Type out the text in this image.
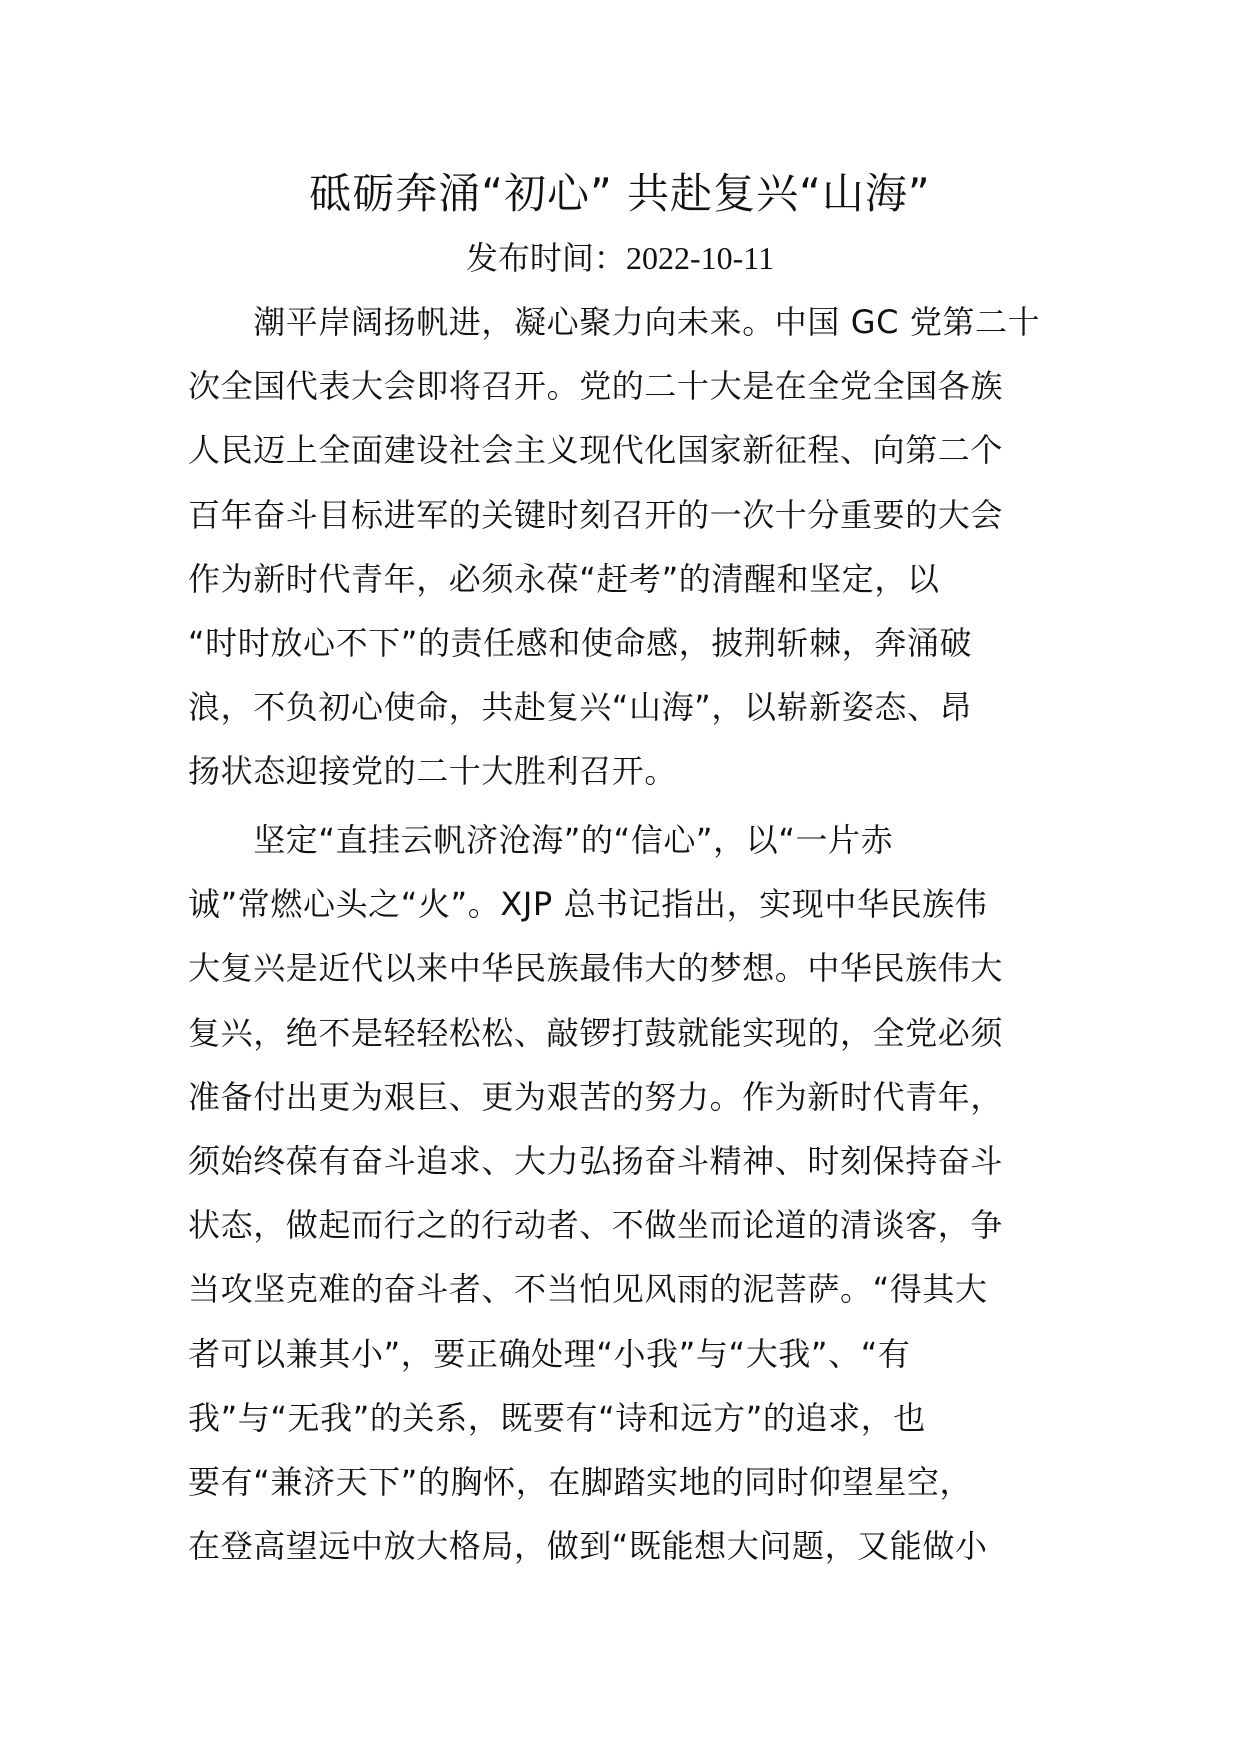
砥砺奔涌“初心” 共赴复兴“山海”
发布时间：2022-10-11
　　潮平岸阔扬帆进，凝心聚力向未来。中国 GC 党第二十
次全国代表大会即将召开。党的二十大是在全党全国各族
人民迈上全面建设社会主义现代化国家新征程、向第二个
百年奋斗目标进军的关键时刻召开的一次十分重要的大会
作为新时代青年，必须永葆“赶考”的清醒和坚定，以
“时时放心不下”的责任感和使命感，披荆斩棘，奔涌破
浪，不负初心使命，共赴复兴“山海”，以崭新姿态、昂
扬状态迎接党的二十大胜利召开。
　　坚定“直挂云帆济沧海”的“信心”，以“一片赤
诚”常燃心头之“火”。XJP 总书记指出，实现中华民族伟
大复兴是近代以来中华民族最伟大的梦想。中华民族伟大
复兴，绝不是轻轻松松、敲锣打鼓就能实现的，全党必须
准备付出更为艰巨、更为艰苦的努力。作为新时代青年，
须始终葆有奋斗追求、大力弘扬奋斗精神、时刻保持奋斗
状态，做起而行之的行动者、不做坐而论道的清谈客，争
当攻坚克难的奋斗者、不当怕见风雨的泥菩萨。“得其大
者可以兼其小”，要正确处理“小我”与“大我”、“有
我”与“无我”的关系，既要有“诗和远方”的追求，也
要有“兼济天下”的胸怀，在脚踏实地的同时仰望星空，
在登高望远中放大格局，做到“既能想大问题，又能做小
